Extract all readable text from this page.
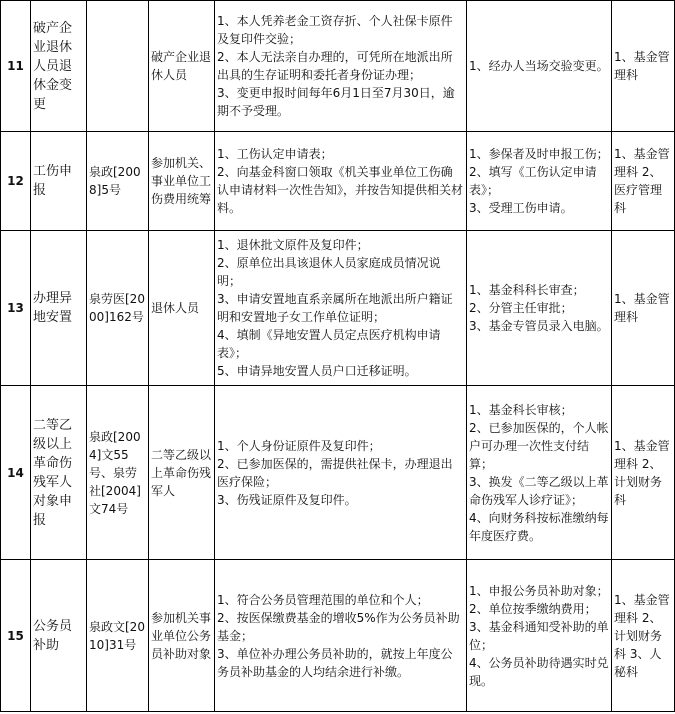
11	破产企业退休人员退休金变更		破产企业退休人员	1、本人凭养老金工资存折、个人社保卡原件及复印件交验；
2、本人无法亲自办理的，可凭所在地派出所出具的生存证明和委托者身份证办理；
3、变更申报时间每年6月1日至7月30日，逾期不予受理。	1、经办人当场交验变更。	1、基金管理科
12	工伤申报	泉政[2008]5号	参加机关、事业单位工伤费用统筹	1、工伤认定申请表；
2、向基金科窗口领取《机关事业单位工伤确认申请材料一次性告知》，并按告知提供相关材料。	1、参保者及时申报工伤；
2、填写《工伤认定申请表》；
3、受理工伤申请。	1、基金管理科 2、医疗管理科
13	办理异地安置	泉劳医[2000]162号	退休人员	1、退休批文原件及复印件；
2、原单位出具该退休人员家庭成员情况说明；
3、申请安置地直系亲属所在地派出所户籍证明和安置地子女工作单位证明；
4、填制《异地安置人员定点医疗机构申请表》；
5、申请异地安置人员户口迁移证明。	1、基金科科长审查；
2、分管主任审批；
3、基金专管员录入电脑。	1、基金管理科
14	二等乙级以上革命伤残军人对象申报	泉政[2004]文55号、泉劳社[2004]文74号	二等乙级以上革命伤残军人	1、个人身份证原件及复印件；
2、已参加医保的，需提供社保卡，办理退出医疗保险；
3、伤残证原件及复印件。	1、基金科长审核；
2、已参加医保的，个人帐户可办理一次性支付结算；
3、换发《二等乙级以上革命伤残军人诊疗证》；
4、向财务科按标准缴纳每年度医疗费。	1、基金管理科 2、计划财务科
15	公务员补助	泉政文[2010]31号	参加机关事业单位公务员补助对象	1、符合公务员管理范围的单位和个人；
2、按医保缴费基金的增收5%作为公务员补助基金；
3、单位补办理公务员补助的，就按上年度公务员补助基金的人均结余进行补缴。	1、申报公务员补助对象；
2、单位按季缴纳费用；
3、基金科通知受补助的单位；
4、公务员补助待遇实时兑现。	1、基金管理科 2、计划财务科 3、人秘科
